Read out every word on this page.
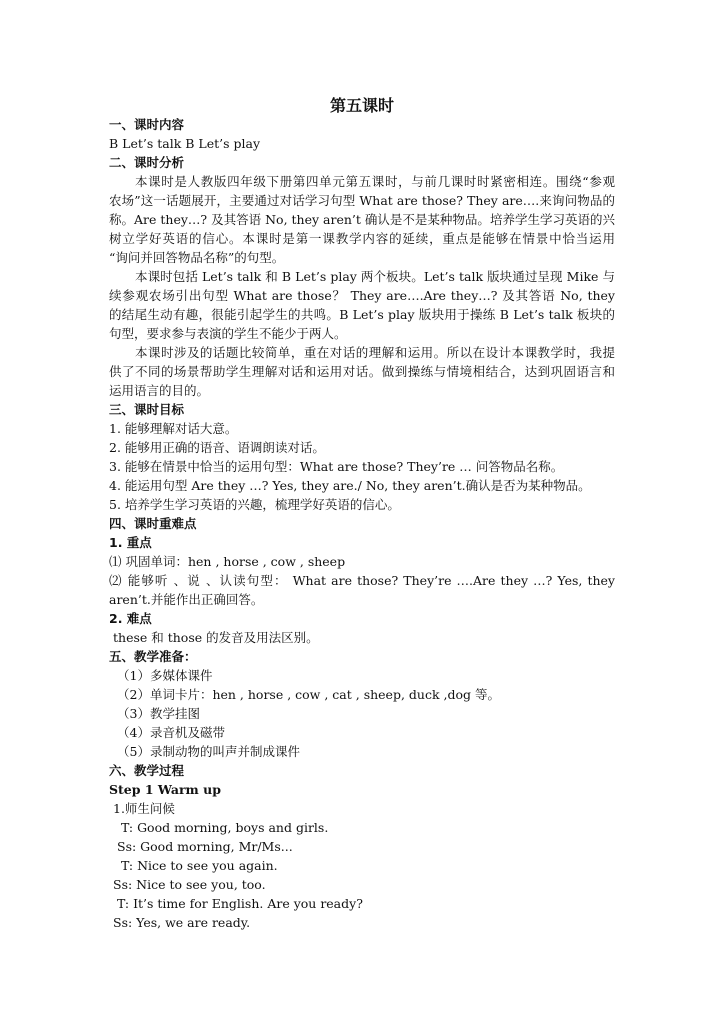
第五课时
一、课时内容
B Let’s talk B Let’s play
二、课时分析
本课时是人教版四年级下册第四单元第五课时，与前几课时时紧密相连。围绕“参观
农场”这一话题展开，主要通过对话学习句型 What are those? They are….来询问物品的
称。Are they…? 及其答语 No, they aren’t 确认是不是某种物品。培养学生学习英语的兴
树立学好英语的信心。本课时是第一课教学内容的延续，重点是能够在情景中恰当运用
“询问并回答物品名称”的句型。
本课时包括 Let’s talk 和 B Let’s play 两个板块。Let’s talk 版块通过呈现 Mike 与
续参观农场引出句型 What are those？ They are….Are they…? 及其答语 No, they
的结尾生动有趣，很能引起学生的共鸣。B Let’s play 版块用于操练 B Let’s talk 板块的
句型，要求参与表演的学生不能少于两人。
本课时涉及的话题比较简单，重在对话的理解和运用。所以在设计本课教学时，我提
供了不同的场景帮助学生理解对话和运用对话。做到操练与情境相结合，达到巩固语言和
运用语言的目的。
三、课时目标
1. 能够理解对话大意。
2. 能够用正确的语音、语调朗读对话。
3. 能够在情景中恰当的运用句型：What are those? They’re … 问答物品名称。
4. 能运用句型 Are they …? Yes, they are./ No, they aren’t.确认是否为某种物品。
5. 培养学生学习英语的兴趣，梳理学好英语的信心。
四、课时重难点
1. 重点
⑴ 巩固单词：hen , horse , cow , sheep
⑵ 能够听 、说 、认读句型： What are those? They’re ….Are they …? Yes, they
aren’t.并能作出正确回答。
2. 难点
these 和 those 的发音及用法区别。
五、教学准备：
（1）多媒体课件
（2）单词卡片：hen , horse , cow , cat , sheep, duck ,dog 等。
（3）教学挂图
（4）录音机及磁带
（5）录制动物的叫声并制成课件
六、教学过程
Step 1 Warm up
1.师生问候
T: Good morning, boys and girls.
Ss: Good morning, Mr/Ms...
T: Nice to see you again.
Ss: Nice to see you, too.
T: It’s time for English. Are you ready?
Ss: Yes, we are ready.
